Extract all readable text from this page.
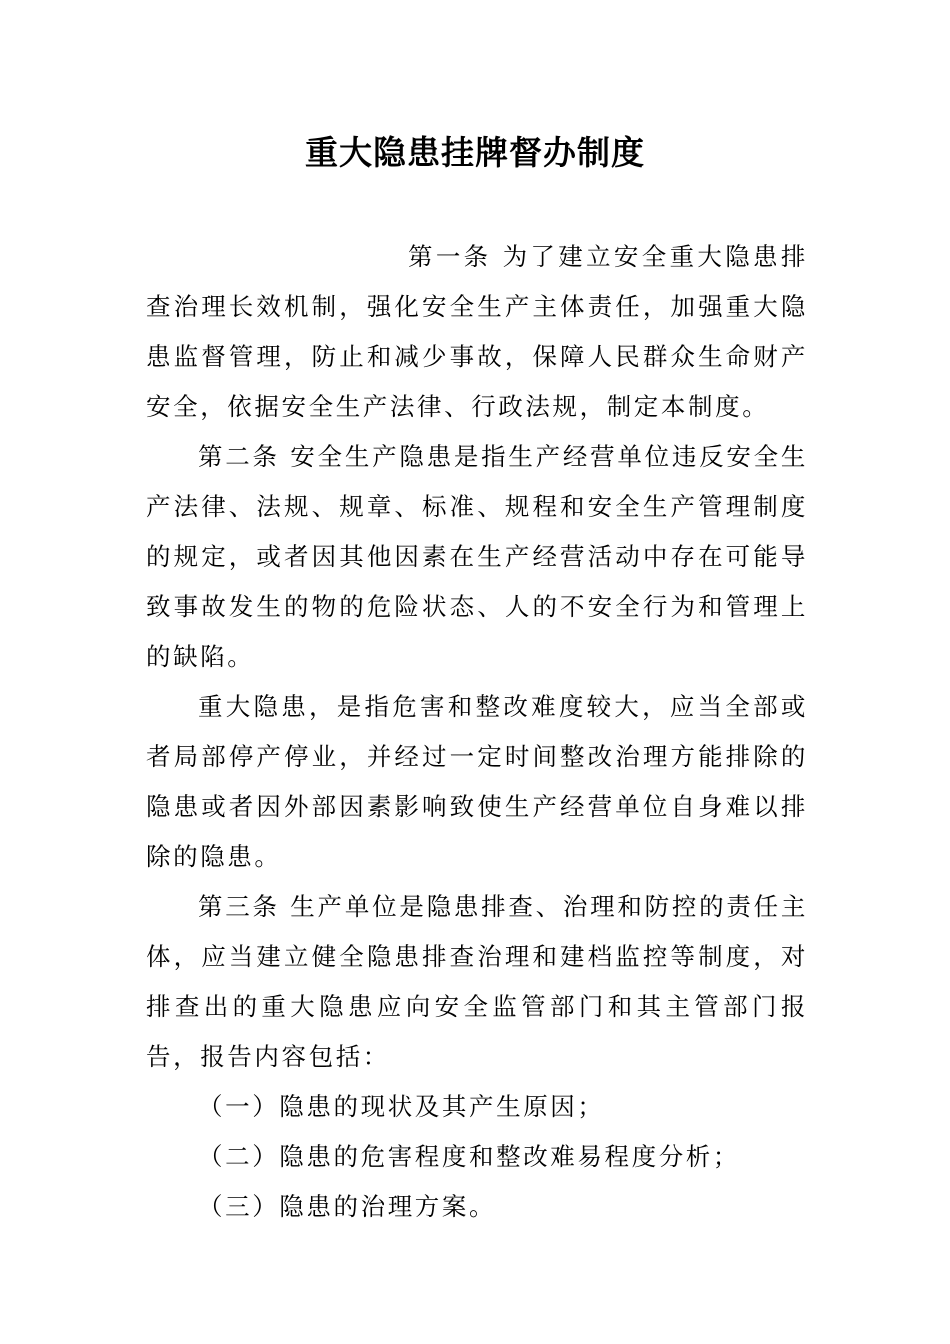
重大隐患挂牌督办制度

第一条 为了建立安全重大隐患排查治理长效机制，强化安全生产主体责任，加强重大隐患监督管理，防止和减少事故，保障人民群众生命财产安全，依据安全生产法律、行政法规，制定本制度。

第二条 安全生产隐患是指生产经营单位违反安全生产法律、法规、规章、标准、规程和安全生产管理制度的规定，或者因其他因素在生产经营活动中存在可能导致事故发生的物的危险状态、人的不安全行为和管理上的缺陷。

重大隐患，是指危害和整改难度较大，应当全部或者局部停产停业，并经过一定时间整改治理方能排除的隐患或者因外部因素影响致使生产经营单位自身难以排除的隐患。

第三条 生产单位是隐患排查、治理和防控的责任主体，应当建立健全隐患排查治理和建档监控等制度，对排查出的重大隐患应向安全监管部门和其主管部门报告，报告内容包括：

（一）隐患的现状及其产生原因；

（二）隐患的危害程度和整改难易程度分析；

（三）隐患的治理方案。
